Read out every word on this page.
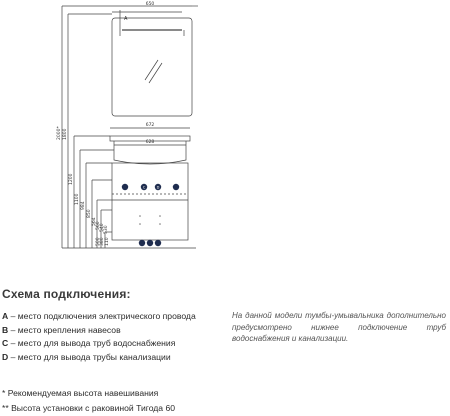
650
A
672
628
2000* 1800
1200
1100
984
850
564 560 540 530
500 380 110
C	D
Схема подключения:
A – место подключения электрического провода
B – место крепления навесов
C – место для вывода труб водоснабжения
D – место для вывода трубы канализации
На данной модели тумбы-умывальника дополнительно предусмотрено нижнее подключение труб водоснабжения и канализации.
* Рекомендуемая высота навешивания
** Высота установки с раковиной Тигода 60
